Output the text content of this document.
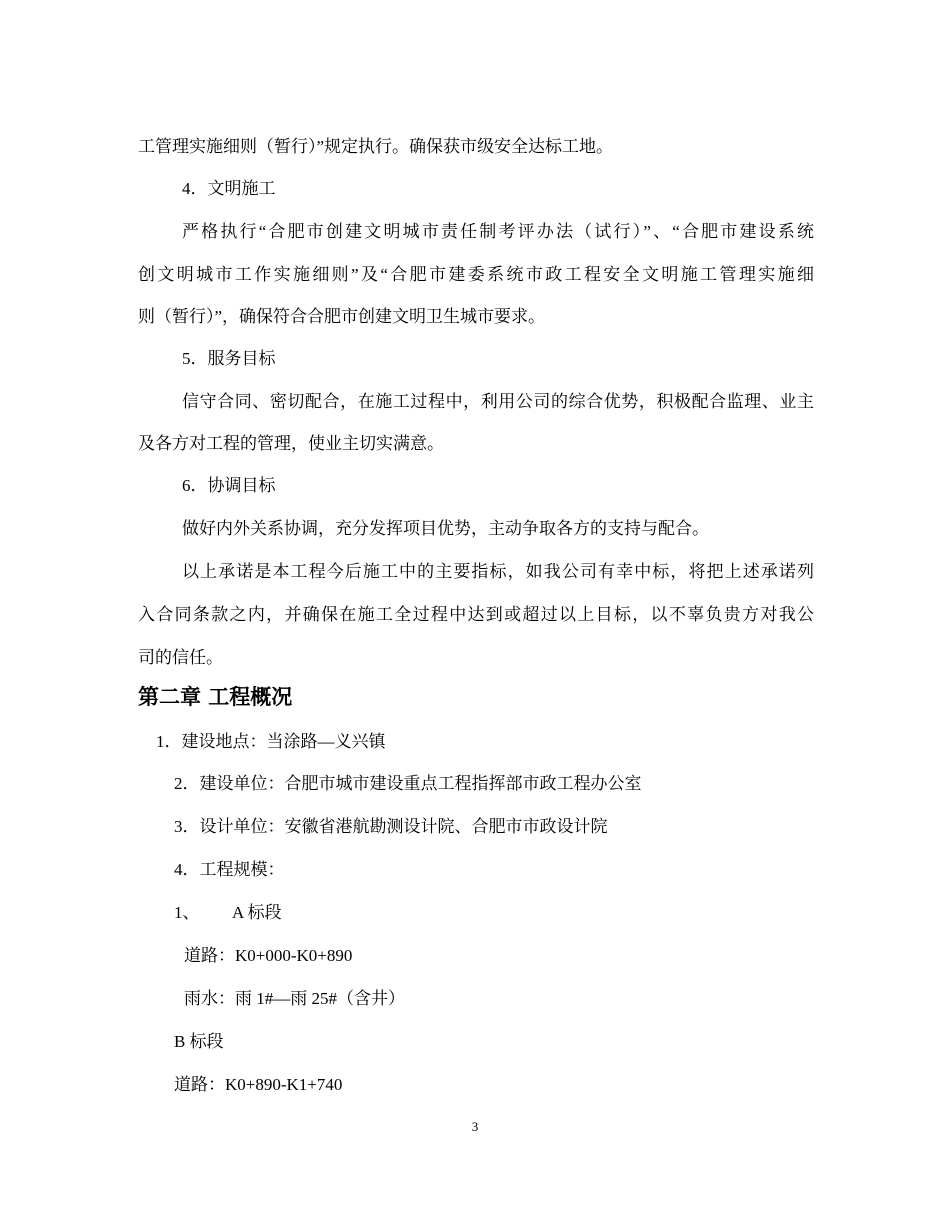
工管理实施细则（暂行）”规定执行。确保获市级安全达标工地。
4．文明施工
严格执行“合肥市创建文明城市责任制考评办法（试行）”、“合肥市建设系统
创文明城市工作实施细则”及“合肥市建委系统市政工程安全文明施工管理实施细
则（暂行）”，确保符合合肥市创建文明卫生城市要求。
5．服务目标
信守合同、密切配合，在施工过程中，利用公司的综合优势，积极配合监理、业主
及各方对工程的管理，使业主切实满意。
6．协调目标
做好内外关系协调，充分发挥项目优势，主动争取各方的支持与配合。
以上承诺是本工程今后施工中的主要指标，如我公司有幸中标，将把上述承诺列
入合同条款之内，并确保在施工全过程中达到或超过以上目标，以不辜负贵方对我公
司的信任。
第二章 工程概况
1．建设地点：当涂路—义兴镇
2．建设单位：合肥市城市建设重点工程指挥部市政工程办公室
3．设计单位：安徽省港航勘测设计院、合肥市市政设计院
4．工程规模：
1、 A 标段
道路：K0+000-K0+890
雨水：雨 1#—雨 25#（含井）
B 标段
道路：K0+890-K1+740
3
